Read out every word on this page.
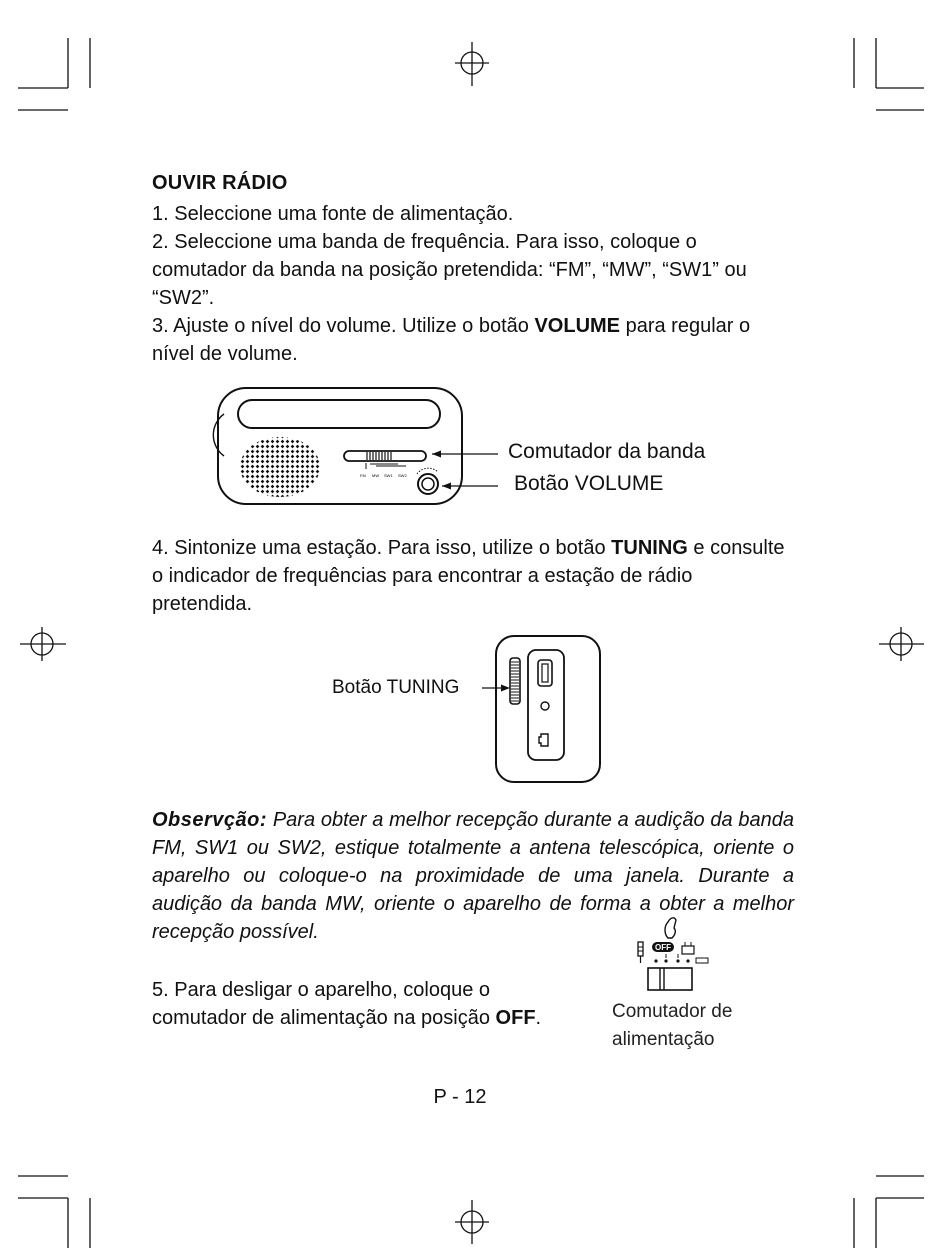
OUVIR RÁDIO

1. Seleccione uma fonte de alimentação.

2. Seleccione uma banda de frequência. Para isso, coloque o comutador da banda na posição pretendida: “FM”, “MW”, “SW1” ou “SW2”.

3. Ajuste o nível do volume. Utilize o botão VOLUME para regular o nível de volume.

FM MW SW1 SW2
Comutador da banda
Botão VOLUME

4. Sintonize uma estação. Para isso, utilize o botão TUNING e consulte o indicador de frequências para encontrar a estação de rádio pretendida.

Botão TUNING

Observção: Para obter a melhor recepção durante a audição da banda FM, SW1 ou SW2, estique totalmente a antena telescópica, oriente o aparelho ou coloque-o na proximidade de uma janela. Durante a audição da banda MW, oriente o aparelho de forma a obter a melhor recepção possível.

OFF

5. Para desligar o aparelho, coloque o comutador de alimentação na posição OFF.	Comutador de
alimentação
P - 12
